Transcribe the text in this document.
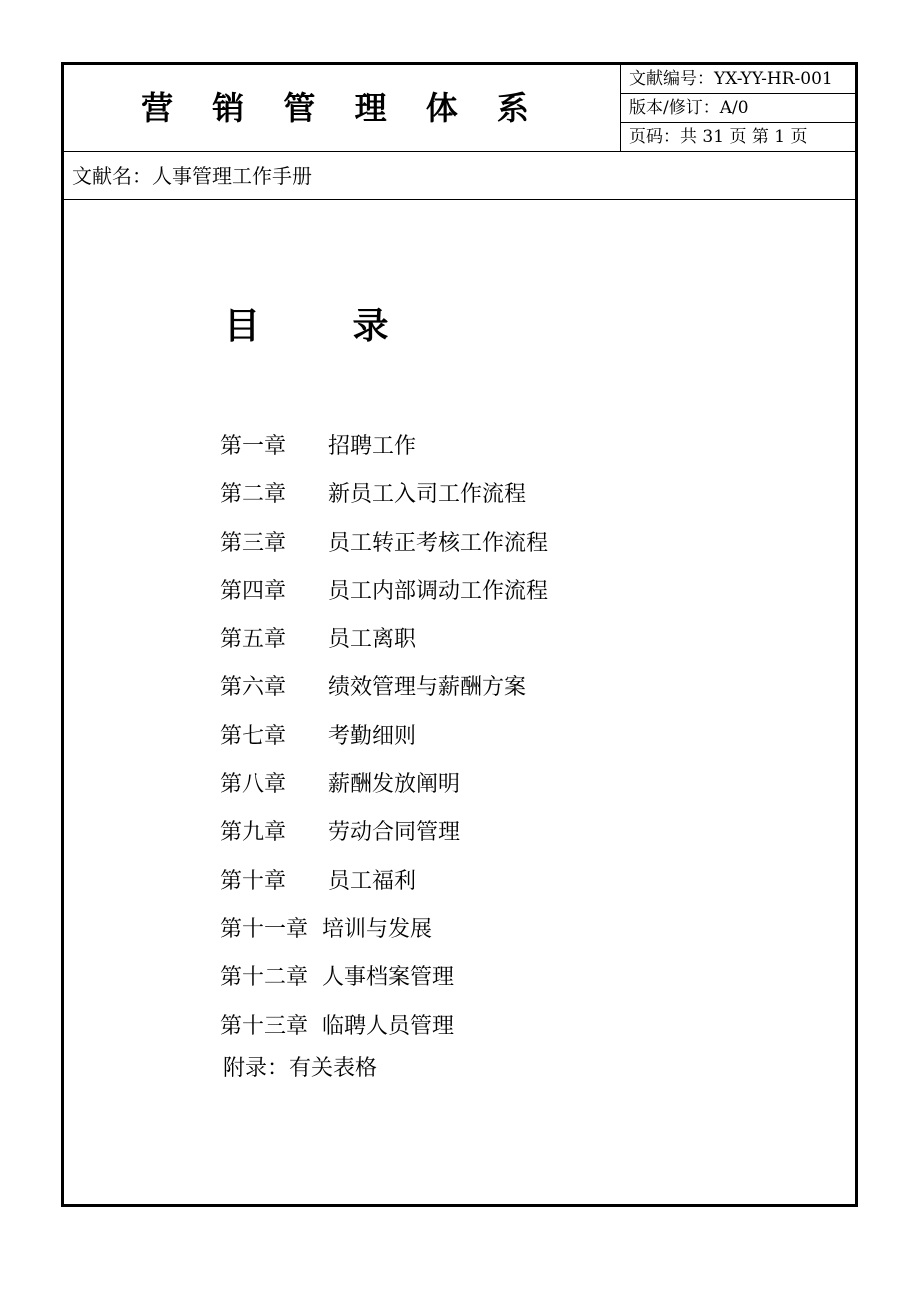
营 销 管 理 体 系
文献编号：YX-YY-HR-001
版本/修订：A/0
页码：共 31 页 第 1 页
文献名：人事管理工作手册
目 录
第一章 招聘工作
第二章 新员工入司工作流程
第三章 员工转正考核工作流程
第四章 员工内部调动工作流程
第五章 员工离职
第六章 绩效管理与薪酬方案
第七章 考勤细则
第八章 薪酬发放阐明
第九章 劳动合同管理
第十章 员工福利
第十一章 培训与发展
第十二章 人事档案管理
第十三章 临聘人员管理
附录：有关表格
